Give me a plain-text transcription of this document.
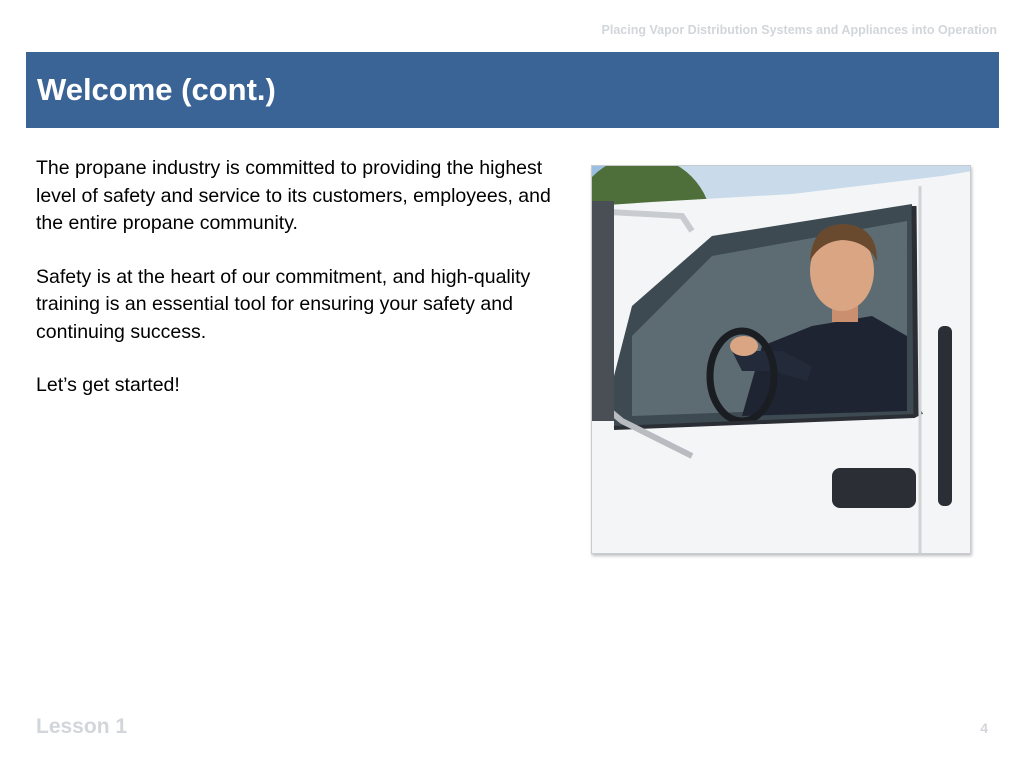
Placing Vapor Distribution Systems and Appliances into Operation
Welcome (cont.)

The propane industry is committed to providing the highest level of safety and service to its customers, employees, and the entire propane community.

Safety is at the heart of our commitment, and high-quality training is an essential tool for ensuring your safety and continuing success.

Let’s get started!

Lesson 1	4
